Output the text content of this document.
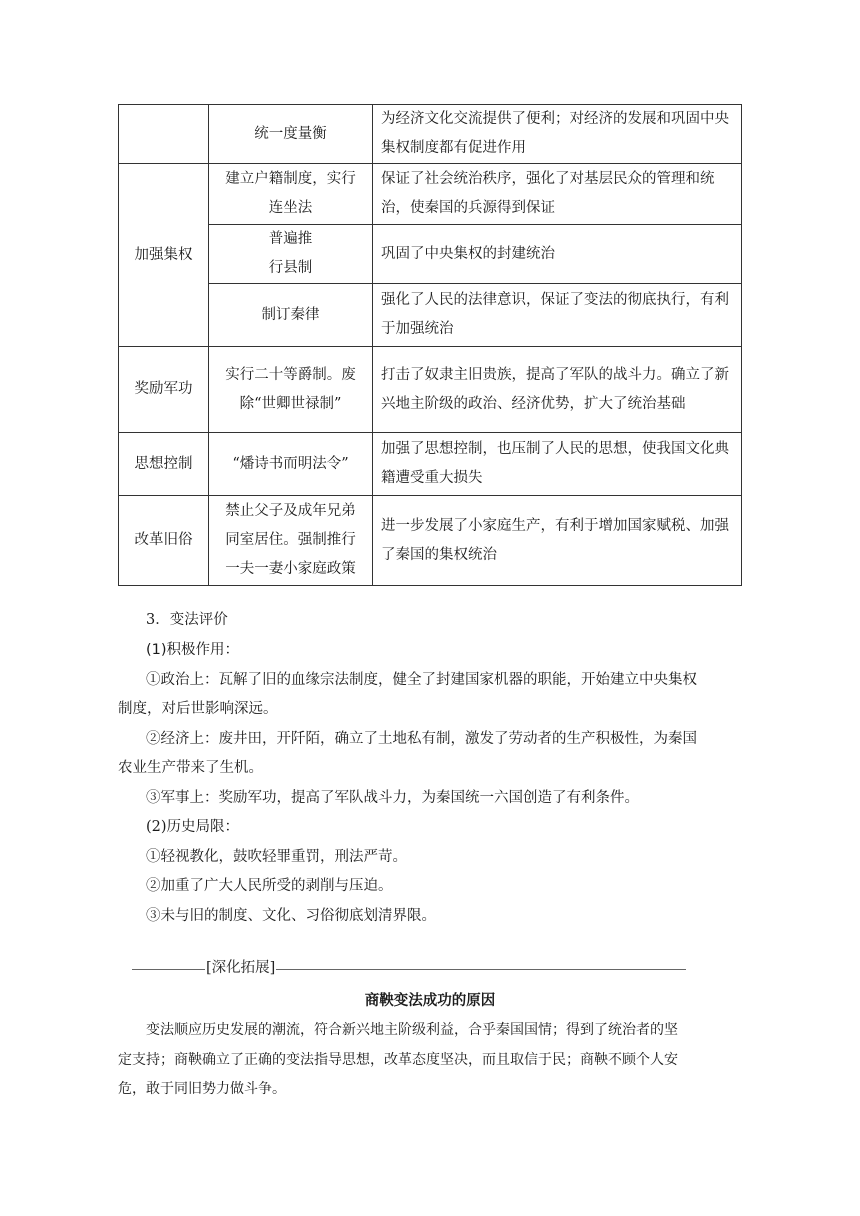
	统一度量衡	为经济文化交流提供了便利；对经济的发展和巩固中央
集权制度都有促进作用

加强集权	建立户籍制度，实行
连坐法	保证了社会统治秩序，强化了对基层民众的管理和统
治，使秦国的兵源得到保证

	普遍推
行县制	巩固了中央集权的封建统治

	制订秦律	强化了人民的法律意识，保证了变法的彻底执行，有利
于加强统治

奖励军功	实行二十等爵制。废
除“世卿世禄制”	打击了奴隶主旧贵族，提高了军队的战斗力。确立了新
兴地主阶级的政治、经济优势，扩大了统治基础

思想控制	“燔诗书而明法令”	加强了思想控制，也压制了人民的思想，使我国文化典
籍遭受重大损失

改革旧俗	禁止父子及成年兄弟
同室居住。强制推行
一夫一妻小家庭政策	进一步发展了小家庭生产，有利于增加国家赋税、加强
了秦国的集权统治
3．变法评价
(1)积极作用：
①政治上：瓦解了旧的血缘宗法制度，健全了封建国家机器的职能，开始建立中央集权
制度，对后世影响深远。
②经济上：废井田，开阡陌，确立了土地私有制，激发了劳动者的生产积极性，为秦国
农业生产带来了生机。
③军事上：奖励军功，提高了军队战斗力，为秦国统一六国创造了有利条件。
(2)历史局限：
①轻视教化，鼓吹轻罪重罚，刑法严苛。
②加重了广大人民所受的剥削与压迫。
③未与旧的制度、文化、习俗彻底划清界限。
[深化拓展]
商鞅变法成功的原因
变法顺应历史发展的潮流，符合新兴地主阶级利益，合乎秦国国情；得到了统治者的坚
定支持；商鞅确立了正确的变法指导思想，改革态度坚决，而且取信于民；商鞅不顾个人安
危，敢于同旧势力做斗争。
